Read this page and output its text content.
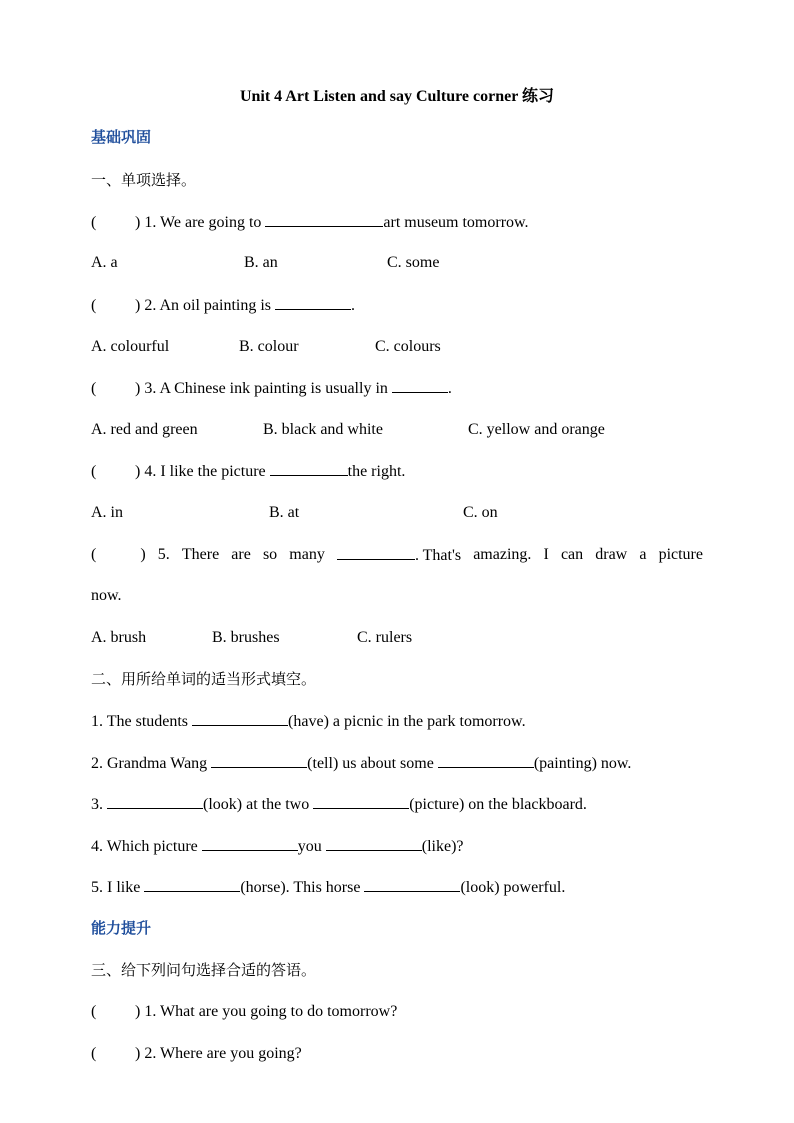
Unit 4 Art Listen and say Culture corner 练习
基础巩固
一、单项选择。
( ) 1. We are going to	art museum tomorrow.
A. a	B. an	C. some
( ) 2. An oil painting is	.
A. colourful	B. colour	C. colours
( ) 3. A Chinese ink painting is usually in	.
A. red and green	B. black and white	C. yellow and orange
( ) 4. I like the picture	the right.
A. in	B. at	C. on
(	) 5. There are so many	. That's amazing. I can draw a picture
now.
A. brush	B. brushes	C. rulers
二、用所给单词的适当形式填空。
1. The students	(have) a picnic in the park tomorrow.
2. Grandma Wang	(tell) us about some	(painting) now.
3.	(look) at the two	(picture) on the blackboard.
4. Which picture	you	(like)?
5. I like	(horse). This horse	(look) powerful.
能力提升
三、给下列问句选择合适的答语。
( ) 1. What are you going to do tomorrow?
( ) 2. Where are you going?
